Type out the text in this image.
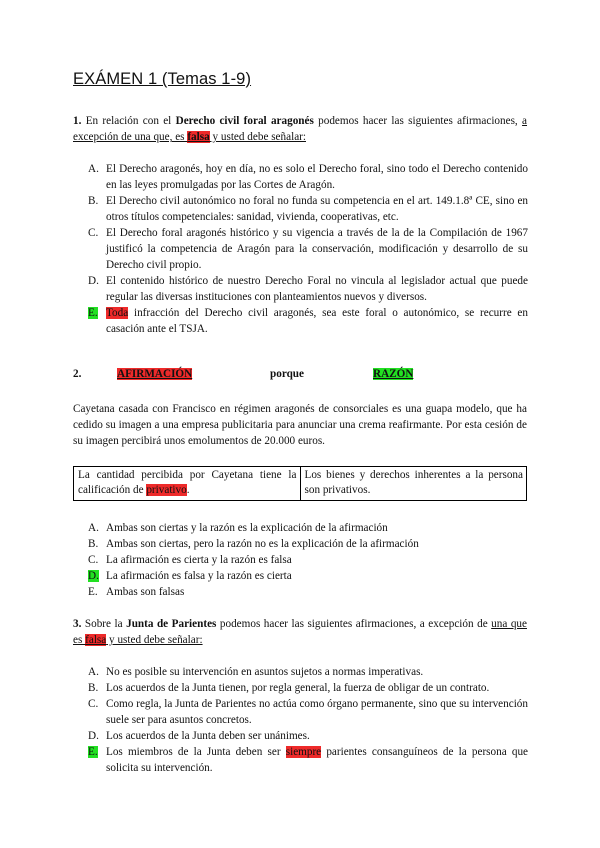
EXÁMEN 1 (Temas 1-9)
1. En relación con el Derecho civil foral aragonés podemos hacer las siguientes afirmaciones, a excepción de una que, es falsa y usted debe señalar:
A. El Derecho aragonés, hoy en día, no es solo el Derecho foral, sino todo el Derecho contenido en las leyes promulgadas por las Cortes de Aragón.
B. El Derecho civil autonómico no foral no funda su competencia en el art. 149.1.8ª CE, sino en otros títulos competenciales: sanidad, vivienda, cooperativas, etc.
C. El Derecho foral aragonés histórico y su vigencia a través de la de la Compilación de 1967 justificó la competencia de Aragón para la conservación, modificación y desarrollo de su Derecho civil propio.
D. El contenido histórico de nuestro Derecho Foral no vincula al legislador actual que puede regular las diversas instituciones con planteamientos nuevos y diversos.
E. Toda infracción del Derecho civil aragonés, sea este foral o autonómico, se recurre en casación ante el TSJA.
2.	AFIRMACIÓN	porque	RAZÓN
Cayetana casada con Francisco en régimen aragonés de consorciales es una guapa modelo, que ha cedido su imagen a una empresa publicitaria para anunciar una crema reafirmante. Por esta cesión de su imagen percibirá unos emolumentos de 20.000 euros.
La cantidad percibida por Cayetana tiene la calificación de privativo.	Los bienes y derechos inherentes a la persona son privativos.
A. Ambas son ciertas y la razón es la explicación de la afirmación
B. Ambas son ciertas, pero la razón no es la explicación de la afirmación
C. La afirmación es cierta y la razón es falsa
D. La afirmación es falsa y la razón es cierta
E. Ambas son falsas
3. Sobre la Junta de Parientes podemos hacer las siguientes afirmaciones, a excepción de una que es falsa y usted debe señalar:
A. No es posible su intervención en asuntos sujetos a normas imperativas.
B. Los acuerdos de la Junta tienen, por regla general, la fuerza de obligar de un contrato.
C. Como regla, la Junta de Parientes no actúa como órgano permanente, sino que su intervención suele ser para asuntos concretos.
D. Los acuerdos de la Junta deben ser unánimes.
E. Los miembros de la Junta deben ser siempre parientes consanguíneos de la persona que solicita su intervención.
